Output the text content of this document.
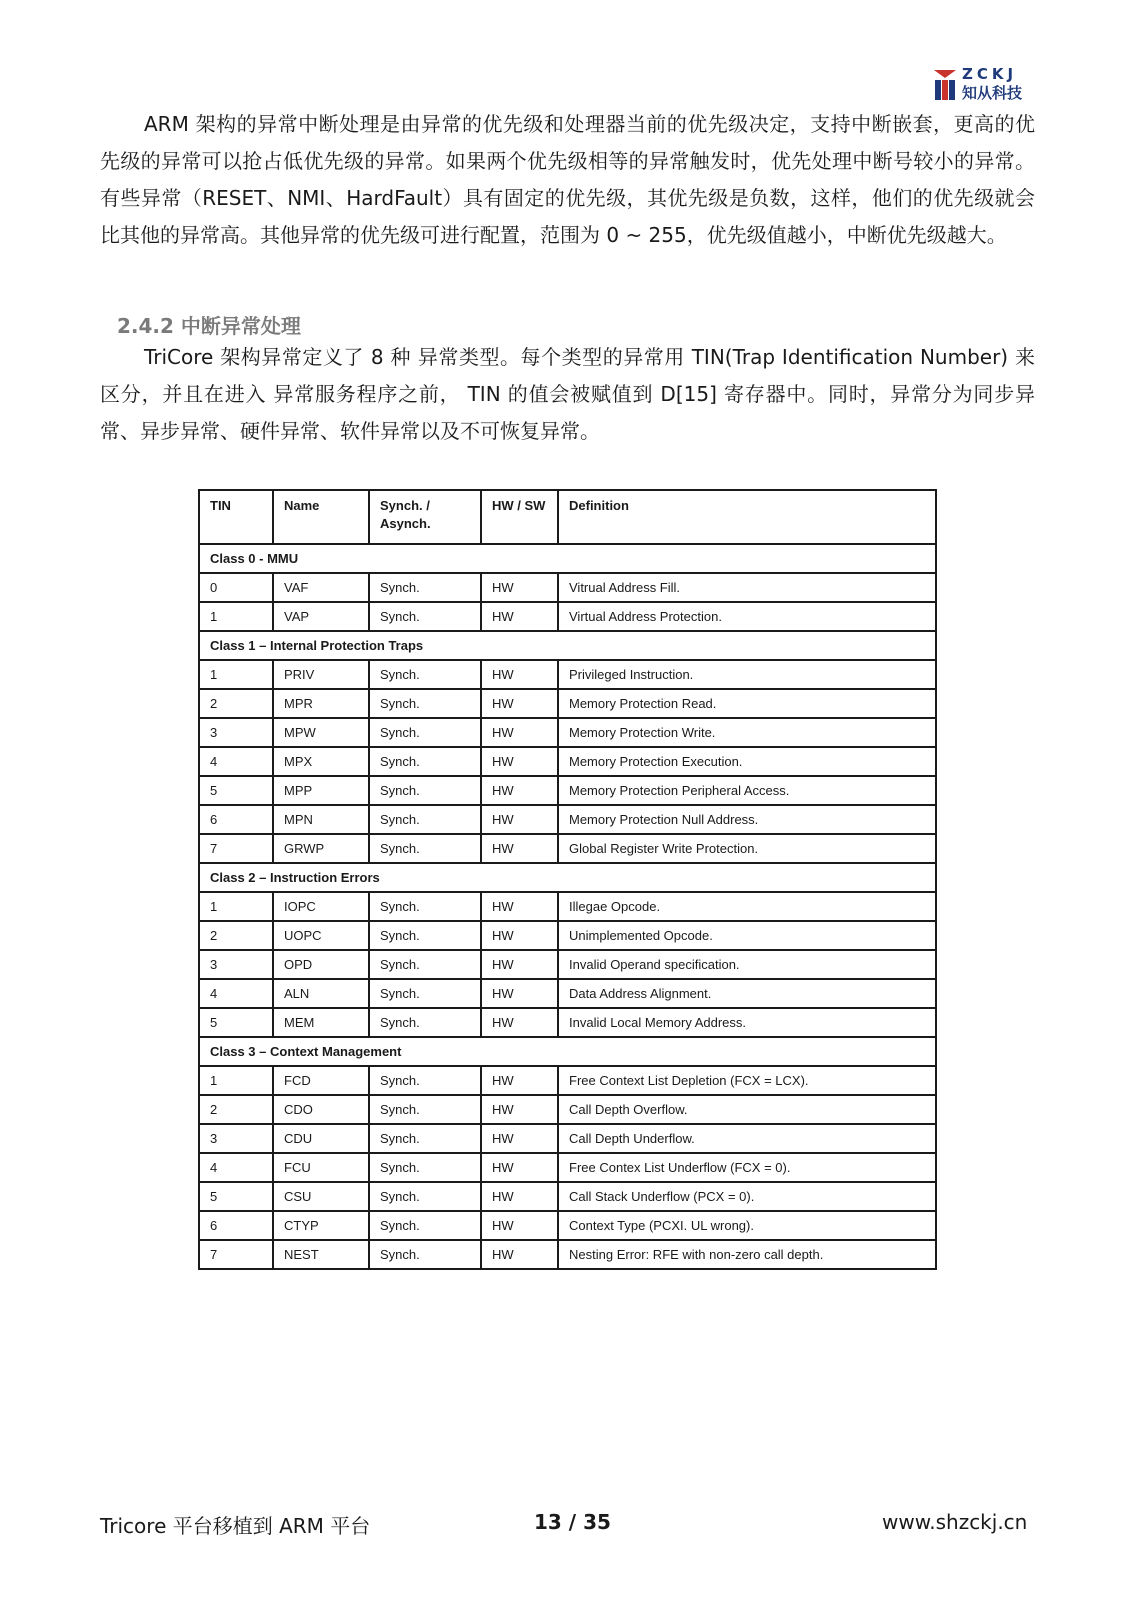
ZCKJ
知从科技

ARM 架构的异常中断处理是由异常的优先级和处理器当前的优先级决定，支持中断嵌套，更高的优先级的异常可以抢占低优先级的异常。如果两个优先级相等的异常触发时，优先处理中断号较小的异常。有些异常（RESET、NMI、HardFault）具有固定的优先级，其优先级是负数，这样，他们的优先级就会比其他的异常高。其他异常的优先级可进行配置，范围为 0 ~ 255，优先级值越小，中断优先级越大。

2.4.2 中断异常处理

TriCore 架构异常定义了 8 种 异常类型。每个类型的异常用 TIN(Trap Identification Number) 来区分，并且在进入 异常服务程序之前， TIN 的值会被赋值到 D[15] 寄存器中。同时，异常分为同步异常、异步异常、硬件异常、软件异常以及不可恢复异常。

TIN	Name	Synch. / Asynch.	HW / SW	Definition
Class 0 - MMU				
0	VAF	Synch.	HW	Vitrual Address Fill.
1	VAP	Synch.	HW	Virtual Address Protection.
Class 1 – Internal Protection Traps				
1	PRIV	Synch.	HW	Privileged Instruction.
2	MPR	Synch.	HW	Memory Protection Read.
3	MPW	Synch.	HW	Memory Protection Write.
4	MPX	Synch.	HW	Memory Protection Execution.
5	MPP	Synch.	HW	Memory Protection Peripheral Access.
6	MPN	Synch.	HW	Memory Protection Null Address.
7	GRWP	Synch.	HW	Global Register Write Protection.
Class 2 – Instruction Errors				
1	IOPC	Synch.	HW	Illegae Opcode.
2	UOPC	Synch.	HW	Unimplemented Opcode.
3	OPD	Synch.	HW	Invalid Operand specification.
4	ALN	Synch.	HW	Data Address Alignment.
5	MEM	Synch.	HW	Invalid Local Memory Address.
Class 3 – Context Management				
1	FCD	Synch.	HW	Free Context List Depletion (FCX = LCX).
2	CDO	Synch.	HW	Call Depth Overflow.
3	CDU	Synch.	HW	Call Depth Underflow.
4	FCU	Synch.	HW	Free Contex List Underflow (FCX = 0).
5	CSU	Synch.	HW	Call Stack Underflow (PCX = 0).
6	CTYP	Synch.	HW	Context Type (PCXI. UL wrong).
7	NEST	Synch.	HW	Nesting Error: RFE with non-zero call depth.
Tricore 平台移植到 ARM 平台	13 / 35	www.shzckj.cn
